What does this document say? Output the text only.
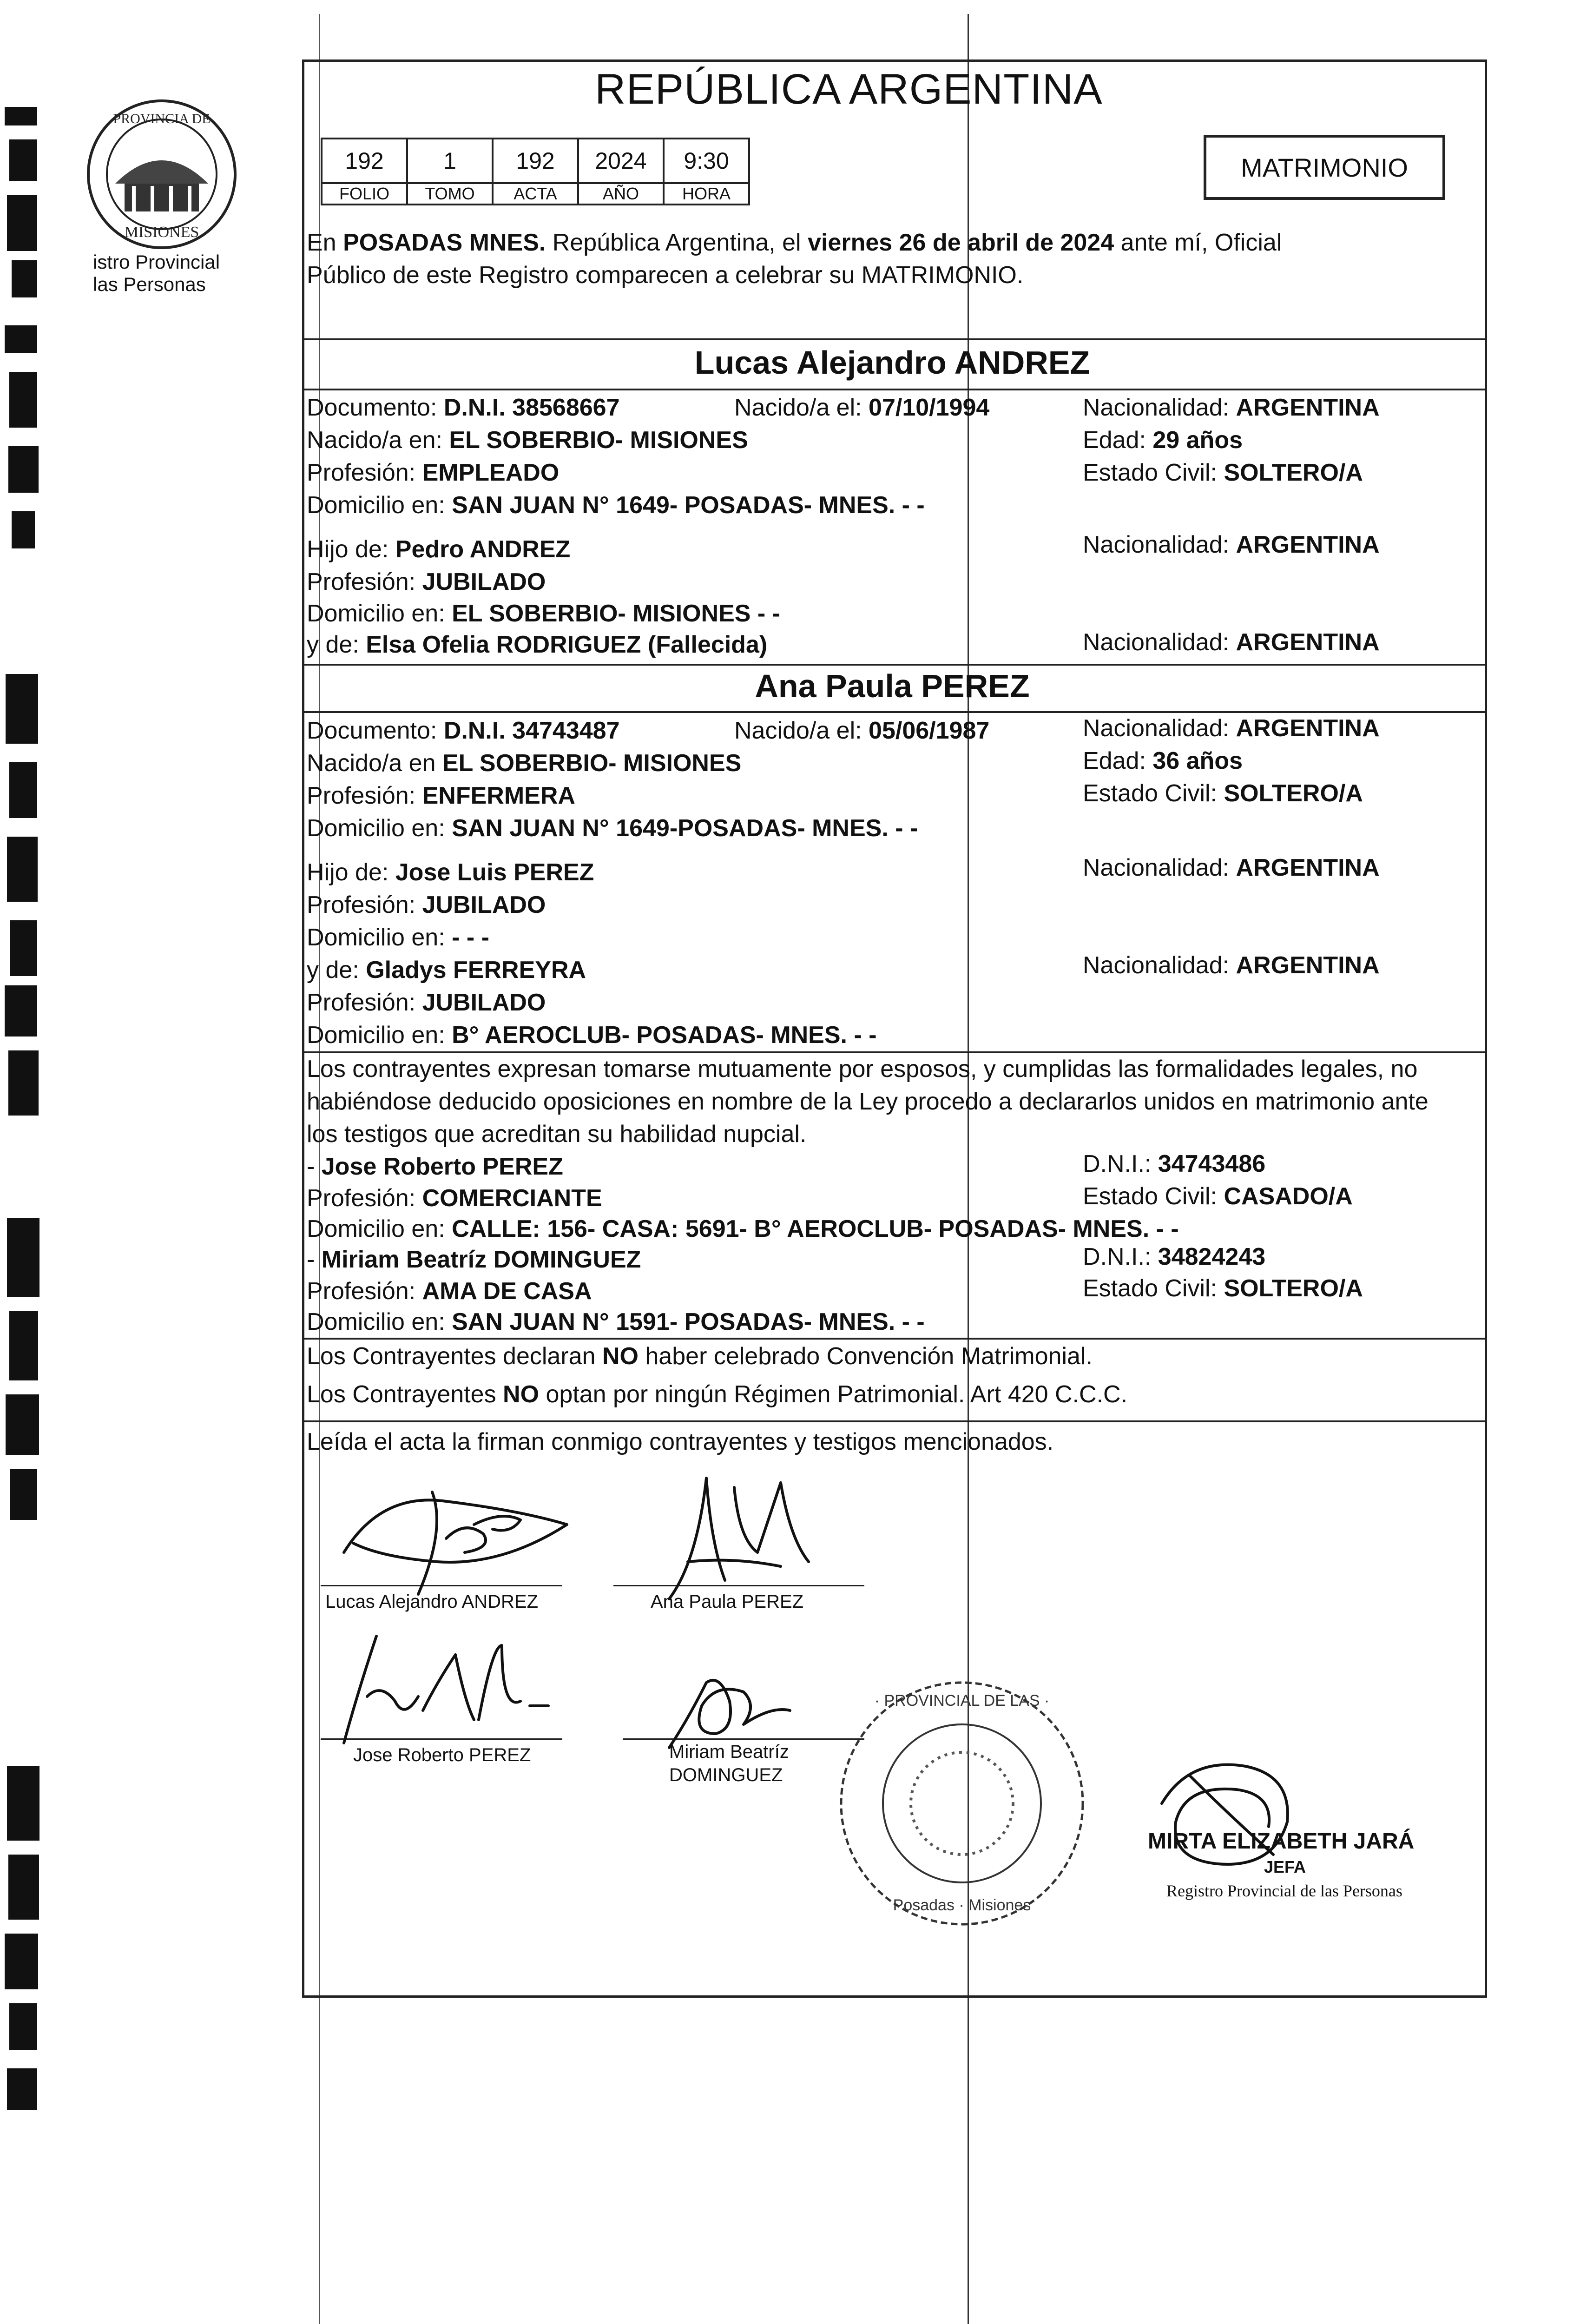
PROVINCIA DE
MISIONES
istro Provincial
las Personas
REPÚBLICA ARGENTINA
192	1	192	2024	9:30
FOLIO	TOMO	ACTA	AÑO	HORA
MATRIMONIO
En POSADAS MNES. República Argentina, el viernes 26 de abril de 2024 ante mí, Oficial
Público de este Registro comparecen a celebrar su MATRIMONIO.
Lucas Alejandro ANDREZ
Documento: D.N.I. 38568667	Nacido/a el: 07/10/1994	Nacionalidad: ARGENTINA
Nacido/a en: EL SOBERBIO- MISIONES	Edad: 29 años
Profesión: EMPLEADO	Estado Civil: SOLTERO/A
Domicilio en: SAN JUAN N° 1649- POSADAS- MNES. - -
Hijo de: Pedro ANDREZ	Nacionalidad: ARGENTINA
Profesión: JUBILADO
Domicilio en: EL SOBERBIO- MISIONES - -
y de: Elsa Ofelia RODRIGUEZ (Fallecida)	Nacionalidad: ARGENTINA
Ana Paula PEREZ
Documento: D.N.I. 34743487	Nacido/a el: 05/06/1987	Nacionalidad: ARGENTINA
Nacido/a en EL SOBERBIO- MISIONES	Edad: 36 años
Profesión: ENFERMERA	Estado Civil: SOLTERO/A
Domicilio en: SAN JUAN N° 1649-POSADAS- MNES. - -
Hijo de: Jose Luis PEREZ	Nacionalidad: ARGENTINA
Profesión: JUBILADO
Domicilio en: - - -
y de: Gladys FERREYRA	Nacionalidad: ARGENTINA
Profesión: JUBILADO
Domicilio en: B° AEROCLUB- POSADAS- MNES. - -
Los contrayentes expresan tomarse mutuamente por esposos, y cumplidas las formalidades legales, no
habiéndose deducido oposiciones en nombre de la Ley procedo a declararlos unidos en matrimonio ante
los testigos que acreditan su habilidad nupcial.
- Jose Roberto PEREZ	D.N.I.: 34743486
Profesión: COMERCIANTE	Estado Civil: CASADO/A
Domicilio en: CALLE: 156- CASA: 5691- B° AEROCLUB- POSADAS- MNES. - -
- Miriam Beatríz DOMINGUEZ	D.N.I.: 34824243
Profesión: AMA DE CASA	Estado Civil: SOLTERO/A
Domicilio en: SAN JUAN N° 1591- POSADAS- MNES. - -
Los Contrayentes declaran NO haber celebrado Convención Matrimonial.
Los Contrayentes NO optan por ningún Régimen Patrimonial. Art 420 C.C.C.
Leída el acta la firman conmigo contrayentes y testigos mencionados.
Lucas Alejandro ANDREZ	Ana Paula PEREZ
Jose Roberto PEREZ	Miriam Beatríz
DOMINGUEZ
· PROVINCIAL DE LAS ·
Posadas · Misiones
MIRTA ELIZABETH JARÁ
JEFA
Registro Provincial de las Personas
